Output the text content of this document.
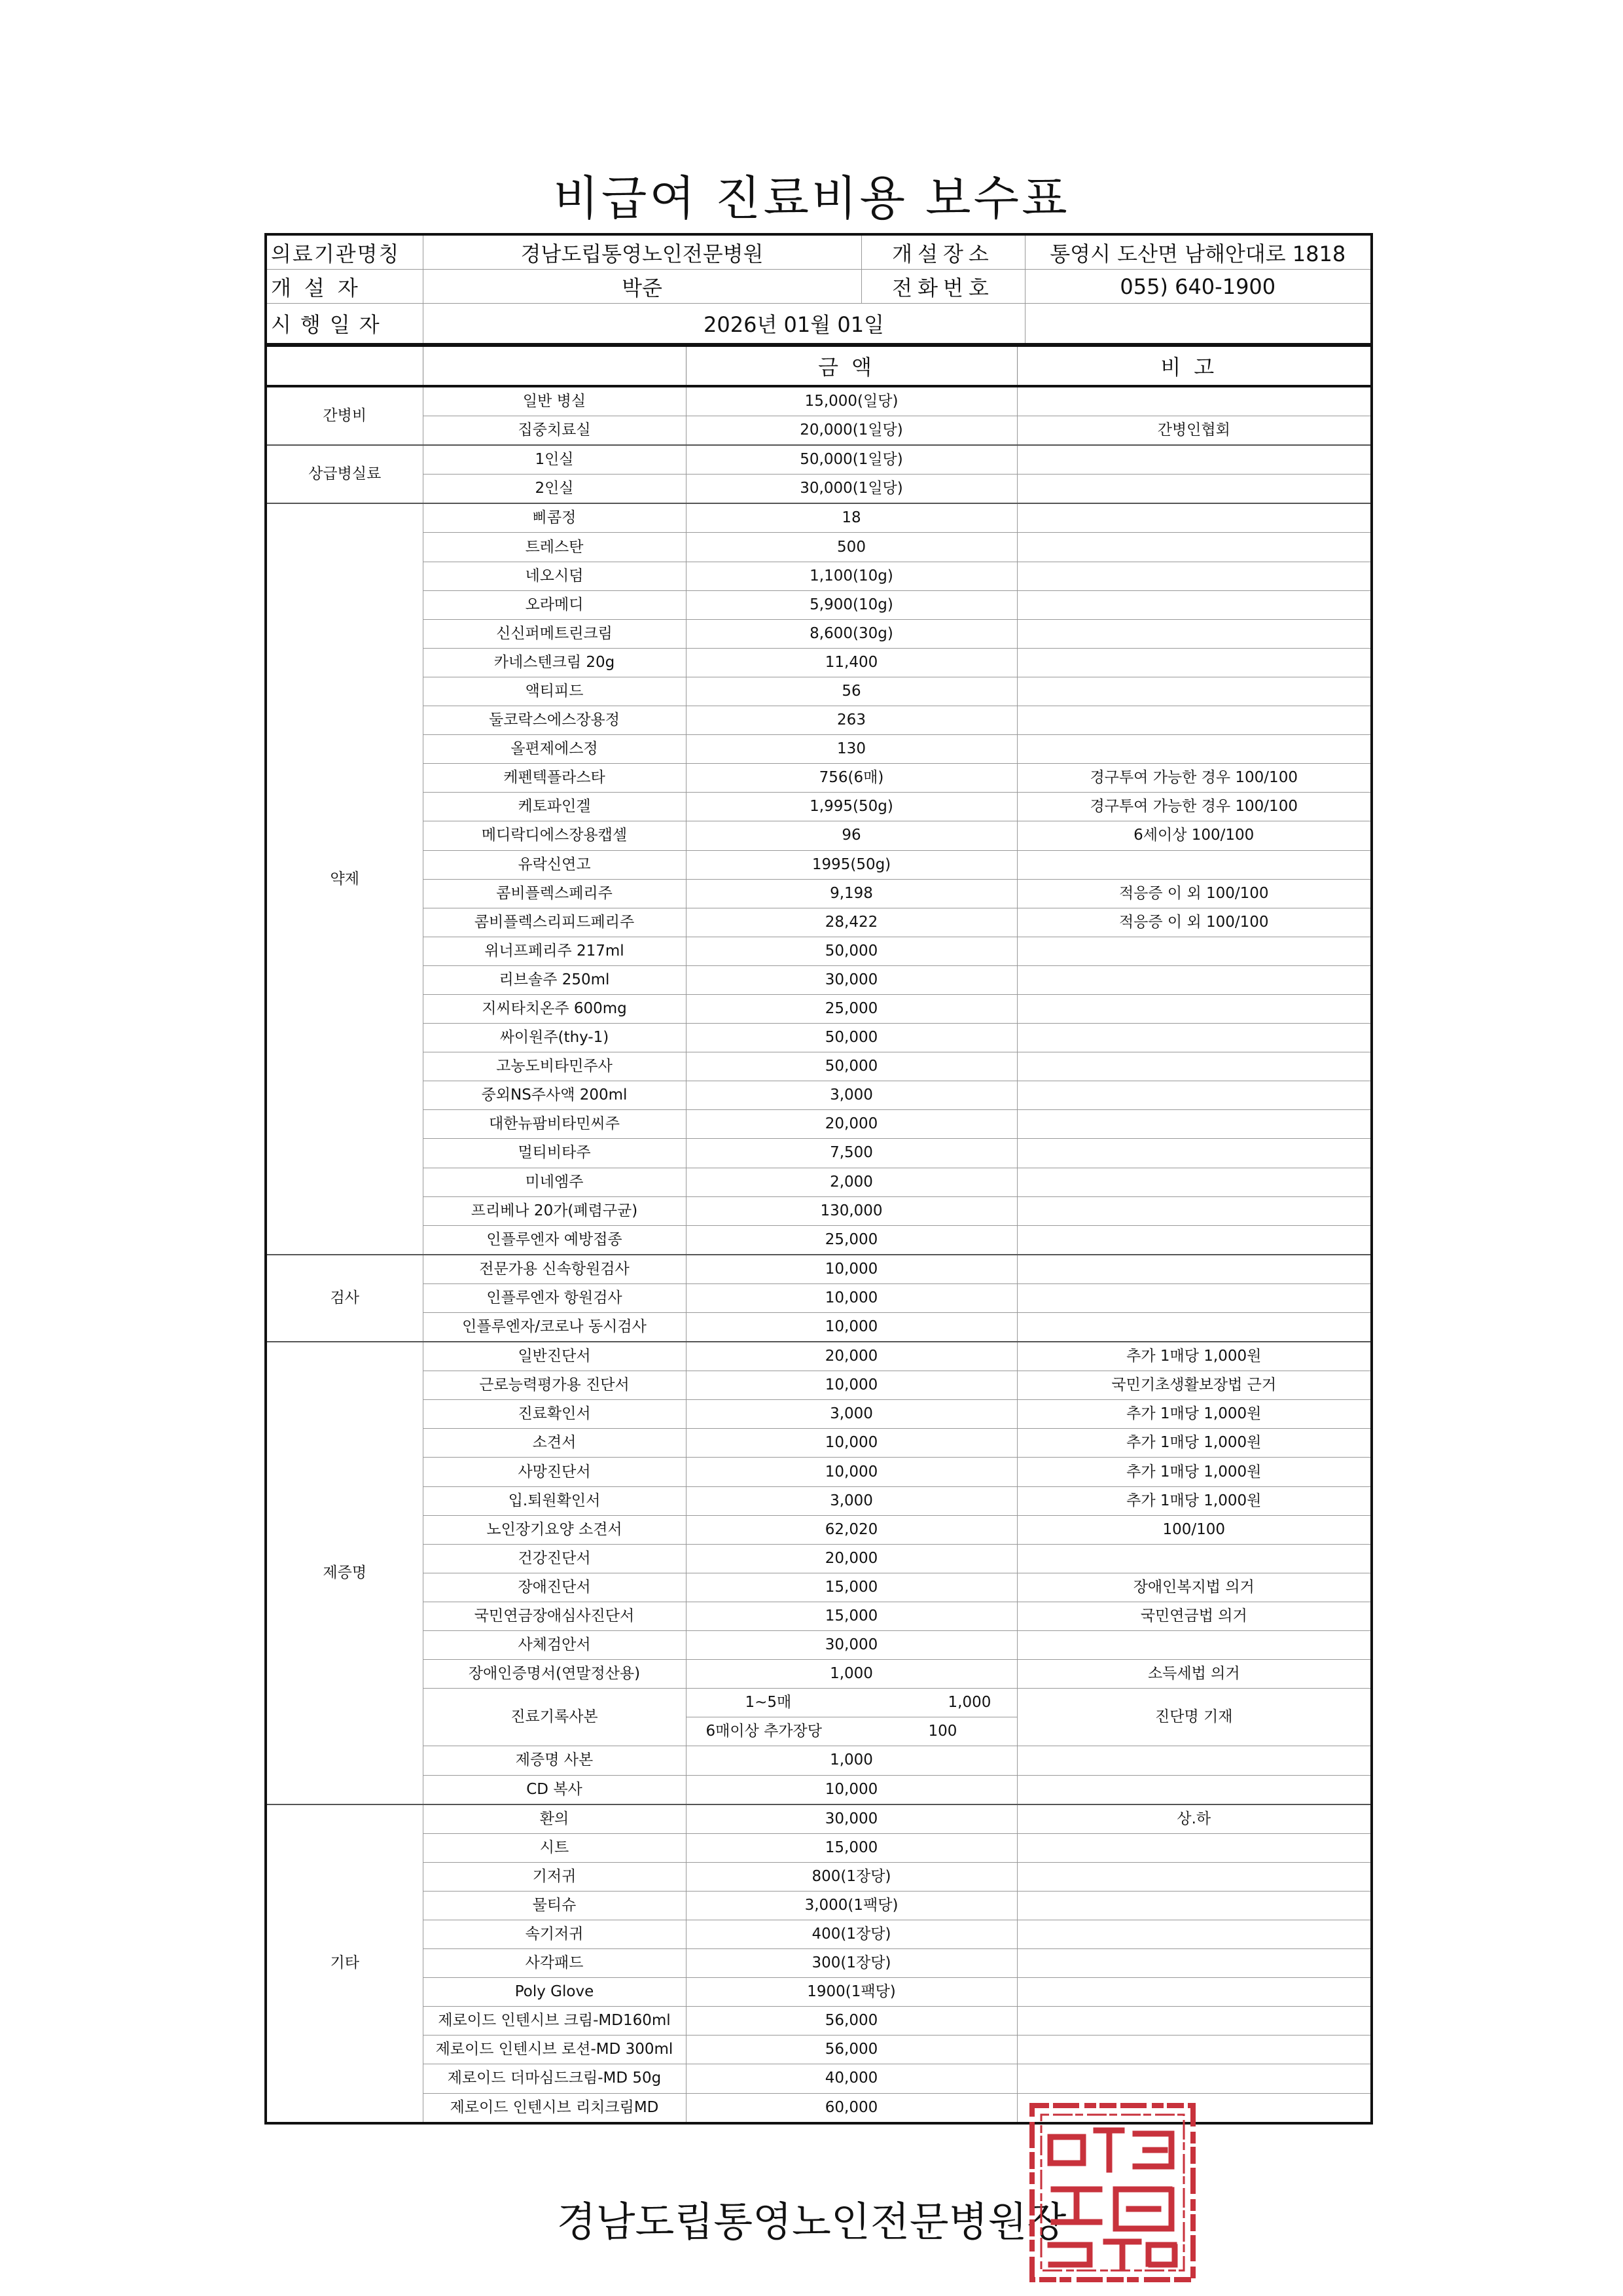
비급여 진료비용 보수표
의료기관명칭	경남도립통영노인전문병원	개설장소	통영시 도산면 남해안대로 1818
개설자	박준	전화번호	055) 640-1900
시행일자	2026년 01월 01일		
		금액	비고
간병비	일반 병실	15,000(일당)	
	집중치료실	20,000(1일당)	간병인협회
상급병실료	1인실	50,000(1일당)	
	2인실	30,000(1일당)	
약제	삐콤정	18	
	트레스탄	500	
	네오시덤	1,100(10g)	
	오라메디	5,900(10g)	
	신신퍼메트린크림	8,600(30g)	
	카네스텐크림 20g	11,400	
	액티피드	56	
	둘코락스에스장용정	263	
	올편제에스정	130	
	케펜텍플라스타	756(6매)	경구투여 가능한 경우 100/100
	케토파인겔	1,995(50g)	경구투여 가능한 경우 100/100
	메디락디에스장용캡셀	96	6세이상 100/100
	유락신연고	1995(50g)	
	콤비플렉스페리주	9,198	적응증 이 외 100/100
	콤비플렉스리피드페리주	28,422	적응증 이 외 100/100
	위너프페리주 217ml	50,000	
	리브솔주 250ml	30,000	
	지씨타치온주 600mg	25,000	
	싸이원주(thy-1)	50,000	
	고농도비타민주사	50,000	
	중외NS주사액 200ml	3,000	
	대한뉴팜비타민씨주	20,000	
	멀티비타주	7,500	
	미네엠주	2,000	
	프리베나 20가(폐렴구균)	130,000	
	인플루엔자 예방접종	25,000	
검사	전문가용 신속항원검사	10,000	
	인플루엔자 항원검사	10,000	
	인플루엔자/코로나 동시검사	10,000	
제증명	일반진단서	20,000	추가 1매당 1,000원
	근로능력평가용 진단서	10,000	국민기초생활보장법 근거
	진료확인서	3,000	추가 1매당 1,000원
	소견서	10,000	추가 1매당 1,000원
	사망진단서	10,000	추가 1매당 1,000원
	입.퇴원확인서	3,000	추가 1매당 1,000원
	노인장기요양 소견서	62,020	100/100
	건강진단서	20,000	
	장애진단서	15,000	장애인복지법 의거
	국민연금장애심사진단서	15,000	국민연금법 의거
	사체검안서	30,000	
	장애인증명서(연말정산용)	1,000	소득세법 의거
	진료기록사본	1~5매 1,000	진단명 기재
		6매이상 추가장당 100	
	제증명 사본	1,000	
	CD 복사	10,000	
기타	환의	30,000	상.하
	시트	15,000	
	기저귀	800(1장당)	
	물티슈	3,000(1팩당)	
	속기저귀	400(1장당)	
	사각패드	300(1장당)	
	Poly Glove	1900(1팩당)	
	제로이드 인텐시브 크림-MD160ml	56,000	
	제로이드 인텐시브 로션-MD 300ml	56,000	
	제로이드 더마심드크림-MD 50g	40,000	
	제로이드 인텐시브 리치크림MD	60,000	
경남도립통영노인전문병원장
